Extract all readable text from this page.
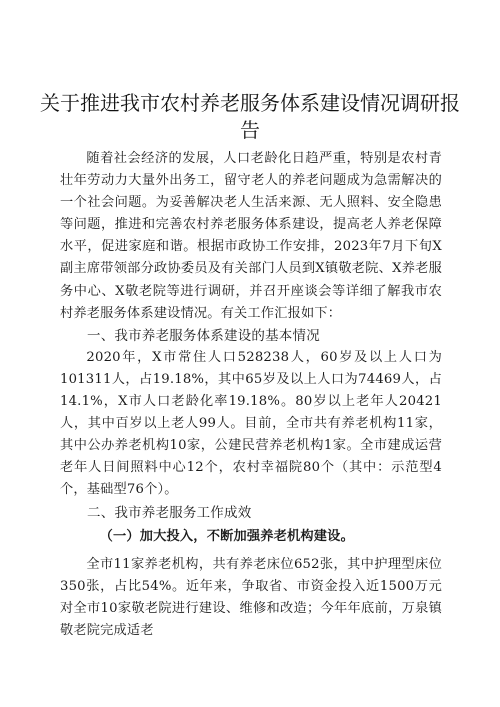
关于推进我市农村养老服务体系建设情况调研报告

随着社会经济的发展，人口老龄化日趋严重，特别是农村青壮年劳动力大量外出务工，留守老人的养老问题成为急需解决的一个社会问题。为妥善解决老人生活来源、无人照料、安全隐患等问题，推进和完善农村养老服务体系建设，提高老人养老保障水平，促进家庭和谐。根据市政协工作安排，2023年7月下旬X副主席带领部分政协委员及有关部门人员到X镇敬老院、X养老服务中心、X敬老院等进行调研，并召开座谈会等详细了解我市农村养老服务体系建设情况。有关工作汇报如下：

一、我市养老服务体系建设的基本情况

2020年，X市常住人口528238人，60岁及以上人口为101311人，占19.18%，其中65岁及以上人口为74469人，占14.1%，X市人口老龄化率19.18%。80岁以上老年人20421人，其中百岁以上老人99人。目前，全市共有养老机构11家，其中公办养老机构10家，公建民营养老机构1家。全市建成运营老年人日间照料中心12个，农村幸福院80个（其中：示范型4个，基础型76个）。

二、我市养老服务工作成效
（一）加大投入，不断加强养老机构建设。

全市11家养老机构，共有养老床位652张，其中护理型床位350张，占比54%。近年来，争取省、市资金投入近1500万元对全市10家敬老院进行建设、维修和改造；今年年底前，万泉镇敬老院完成适老
